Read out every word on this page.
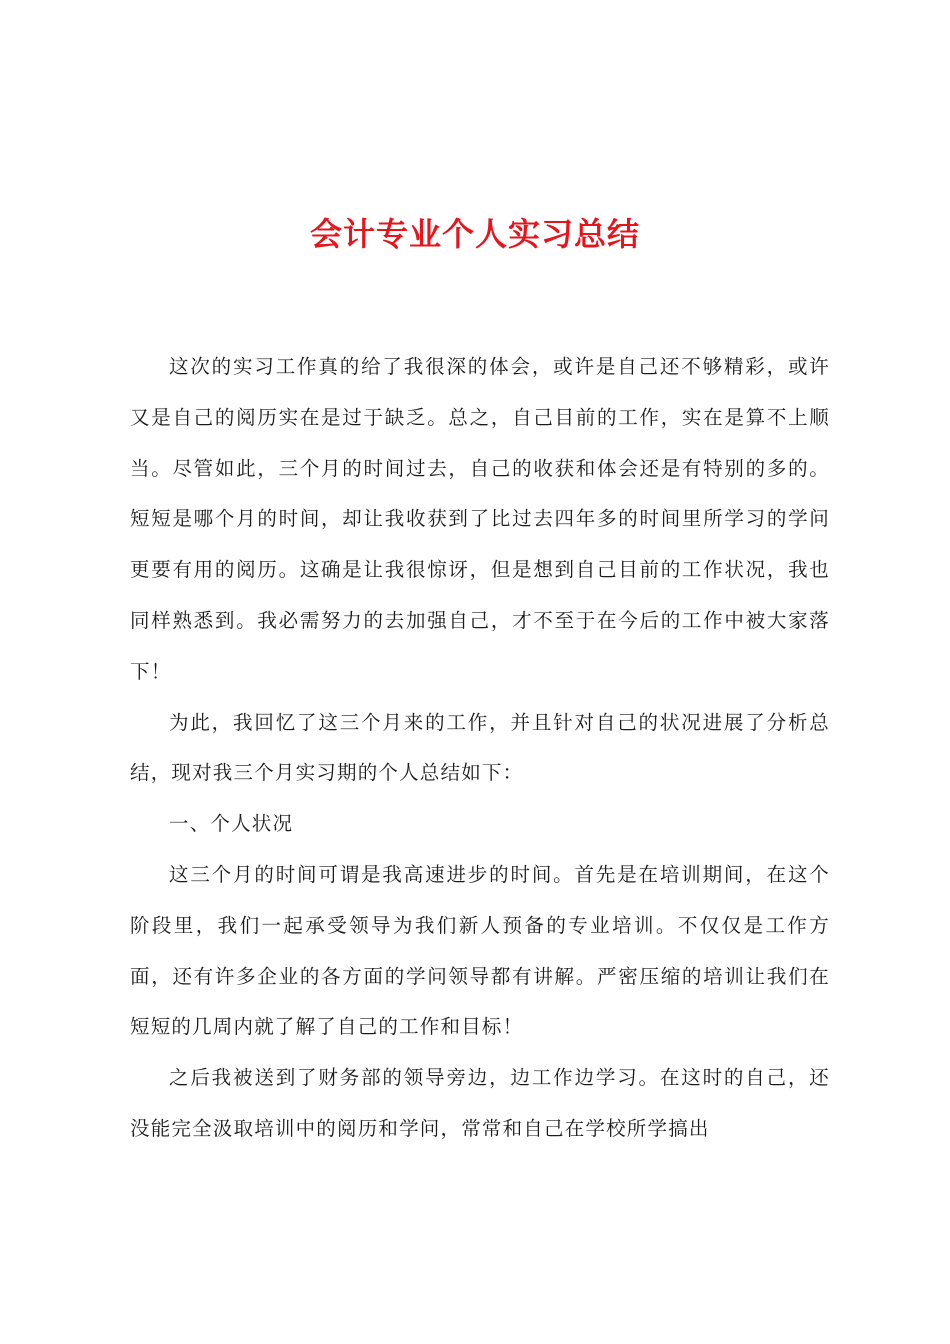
会计专业个人实习总结

这次的实习工作真的给了我很深的体会，或许是自己还不够精彩，或许又是自己的阅历实在是过于缺乏。总之，自己目前的工作，实在是算不上顺当。尽管如此，三个月的时间过去，自己的收获和体会还是有特别的多的。短短是哪个月的时间，却让我收获到了比过去四年多的时间里所学习的学问更要有用的阅历。这确是让我很惊讶，但是想到自己目前的工作状况，我也同样熟悉到。我必需努力的去加强自己，才不至于在今后的工作中被大家落下！

为此，我回忆了这三个月来的工作，并且针对自己的状况进展了分析总结，现对我三个月实习期的个人总结如下：

一、个人状况

这三个月的时间可谓是我高速进步的时间。首先是在培训期间，在这个阶段里，我们一起承受领导为我们新人预备的专业培训。不仅仅是工作方面，还有许多企业的各方面的学问领导都有讲解。严密压缩的培训让我们在短短的几周内就了解了自己的工作和目标！

之后我被送到了财务部的领导旁边，边工作边学习。在这时的自己，还没能完全汲取培训中的阅历和学问，常常和自己在学校所学搞出
